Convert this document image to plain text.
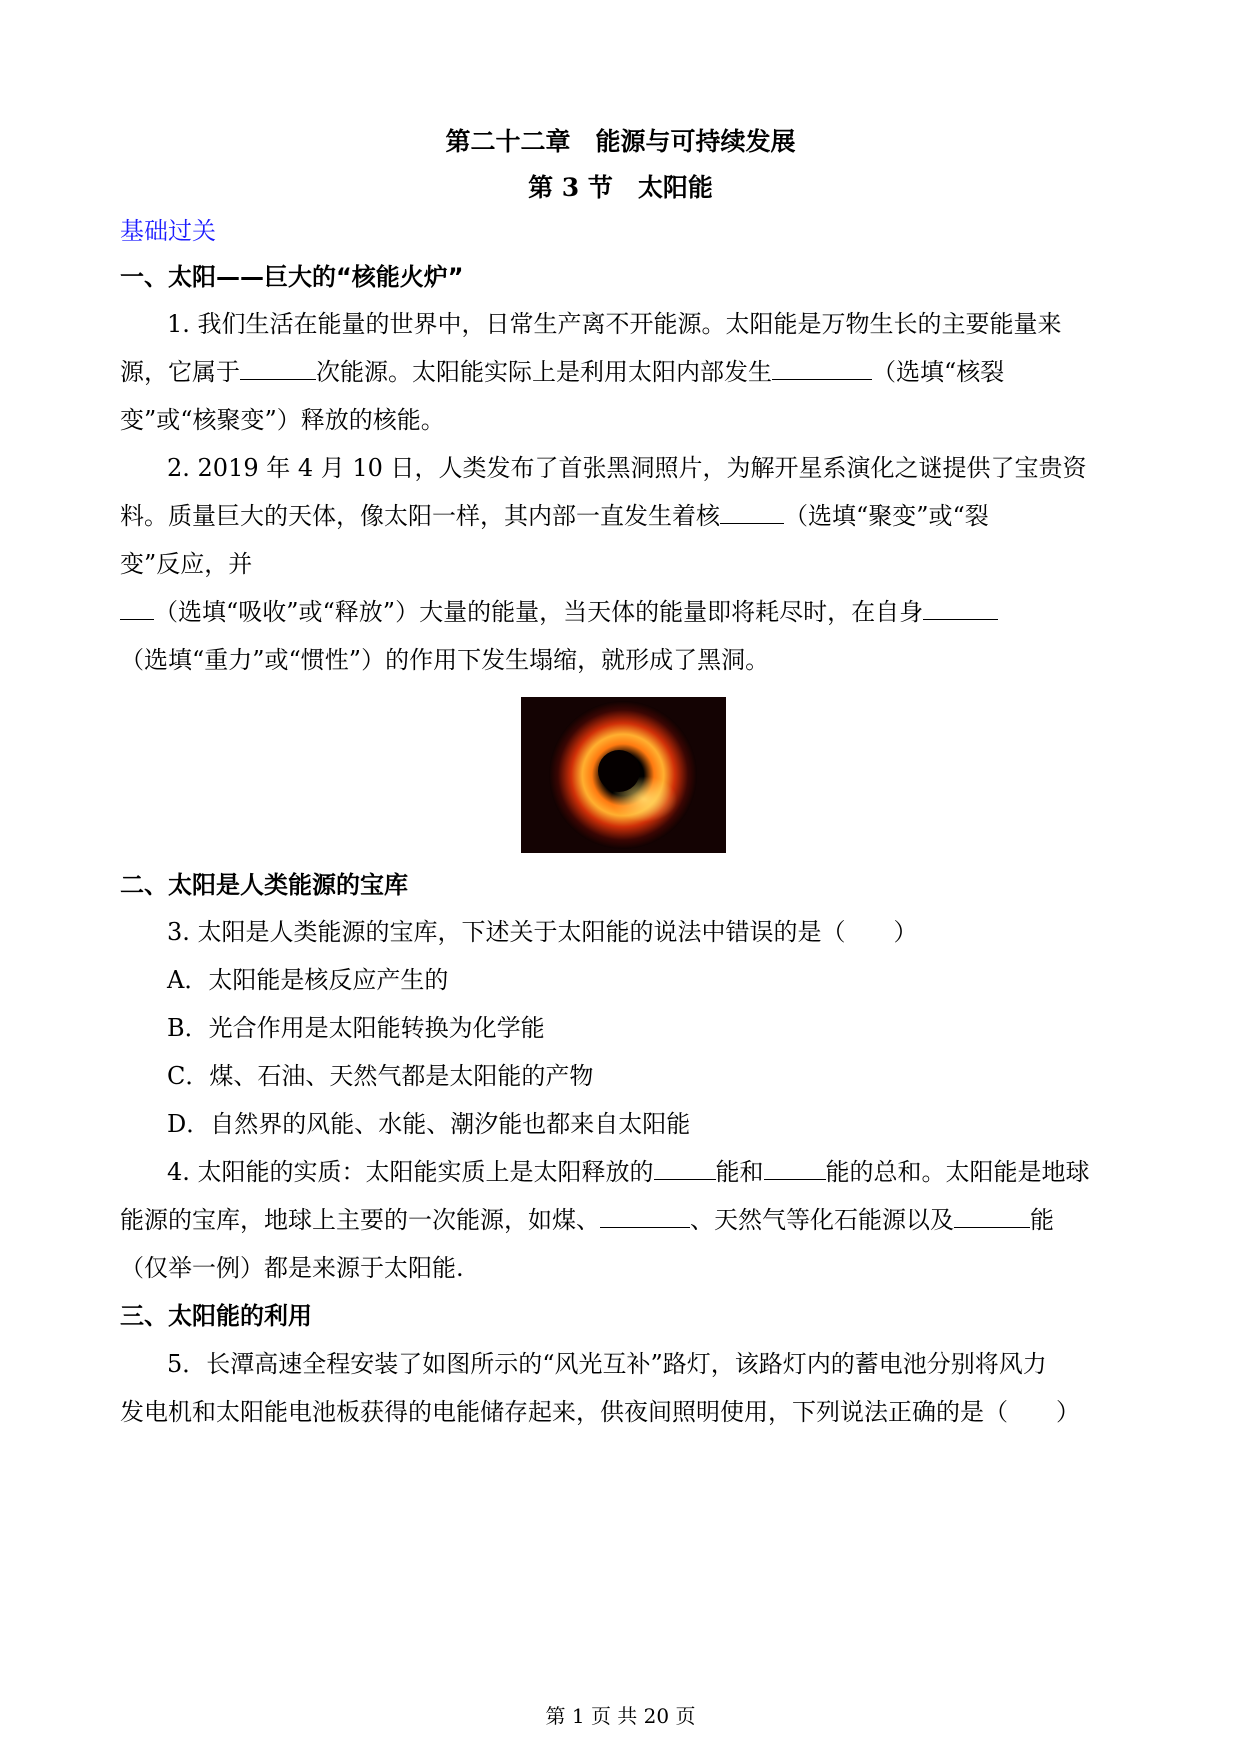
第二十二章　能源与可持续发展
第 3 节　太阳能
基础过关
一、太阳——巨大的“核能火炉”
1. 我们生活在能量的世界中，日常生产离不开能源。太阳能是万物生长的主要能量来
源，它属于	次能源。太阳能实际上是利用太阳内部发生	（选填“核裂
变”或“核聚变”）释放的核能。
2. 2019 年 4 月 10 日，人类发布了首张黑洞照片，为解开星系演化之谜提供了宝贵资
料。质量巨大的天体，像太阳一样，其内部一直发生着核	（选填“聚变”或“裂
变”反应，并
（选填“吸收”或“释放”）大量的能量，当天体的能量即将耗尽时，在自身
（选填“重力”或“惯性”）的作用下发生塌缩，就形成了黑洞。
二、太阳是人类能源的宝库
3. 太阳是人类能源的宝库，下述关于太阳能的说法中错误的是（　　）
A．太阳能是核反应产生的
B．光合作用是太阳能转换为化学能
C．煤、石油、天然气都是太阳能的产物
D．自然界的风能、水能、潮汐能也都来自太阳能
4. 太阳能的实质：太阳能实质上是太阳释放的	能和	能的总和。太阳能是地球
能源的宝库，地球上主要的一次能源，如煤、	、天然气等化石能源以及	能
（仅举一例）都是来源于太阳能.
三、太阳能的利用
5．长潭高速全程安装了如图所示的“风光互补”路灯，该路灯内的蓄电池分别将风力
发电机和太阳能电池板获得的电能储存起来，供夜间照明使用，下列说法正确的是（　　）
第 1 页 共 20 页
